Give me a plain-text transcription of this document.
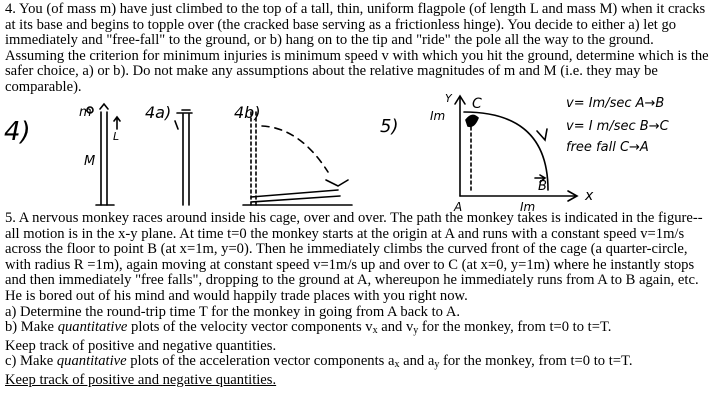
4. You (of mass m) have just climbed to the top of a tall, thin, uniform flagpole (of length L and mass M) when it cracks at its base and begins to topple over (the cracked base serving as a frictionless hinge). You decide to either a) let go immediately and "free-fall" to the ground, or b) hang on to the tip and "ride" the pole all the way to the ground. Assuming the criterion for minimum injuries is minimum speed v with which you hit the ground, determine which is the safer choice, a) or b). Do not make any assumptions about the relative magnitudes of m and M (i.e. they may be comparable).

4)
m
L
M
4a)	4b)
5)
Y
Im
C
B
A	Im
x
v= Im/sec A→B
v= I m/sec B→C
free fall C→A

5. A nervous monkey races around inside his cage, over and over. The path the monkey takes is indicated in the figure-- all motion is in the x-y plane. At time t=0 the monkey starts at the origin at A and runs with a constant speed v=1m/s across the floor to point B (at x=1m, y=0). Then he immediately climbs the curved front of the cage (a quarter-circle, with radius R =1m), again moving at constant speed v=1m/s up and over to C (at x=0, y=1m) where he instantly stops and then immediately "free falls", dropping to the ground at A, whereupon he immediately runs from A to B again, etc. He is bored out of his mind and would happily trade places with you right now.

a) Determine the round-trip time T for the monkey in going from A back to A.

b) Make quantitative plots of the velocity vector components $v_x$ and $v_y$ for the monkey, from t=0 to t=T.

Keep track of positive and negative quantities.

c) Make quantitative plots of the acceleration vector components $a_x$ and $a_y$ for the monkey, from t=0 to t=T.

Keep track of positive and negative quantities.
